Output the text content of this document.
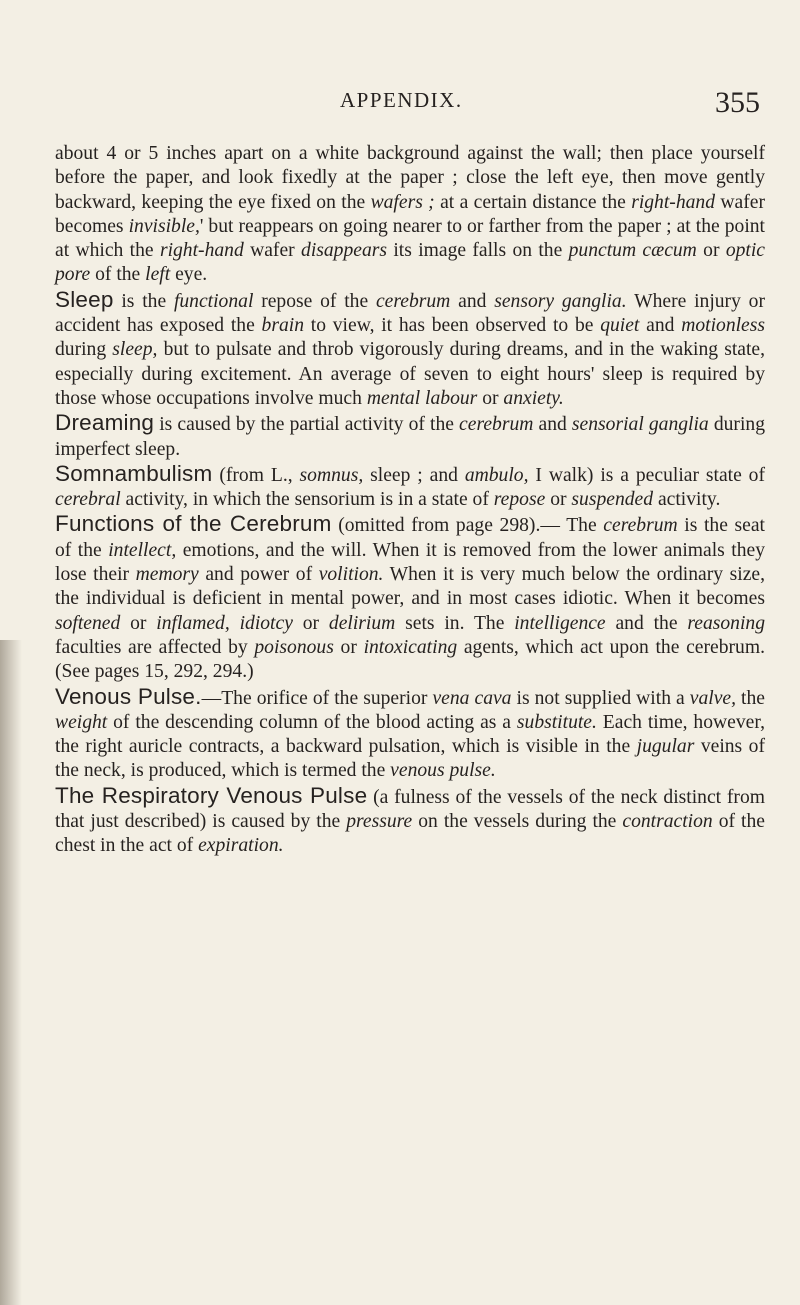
APPENDIX.	355

about 4 or 5 inches apart on a white background against the wall; then place yourself before the paper, and look fixedly at the paper ; close the left eye, then move gently backward, keeping the eye fixed on the wafers ; at a certain distance the right-hand wafer becomes invisible,' but reappears on going nearer to or farther from the paper ; at the point at which the right-hand wafer disappears its image falls on the punctum cæcum or optic pore of the left eye.

Sleep is the functional repose of the cerebrum and sensory ganglia. Where injury or accident has exposed the brain to view, it has been observed to be quiet and motionless during sleep, but to pulsate and throb vigorously during dreams, and in the waking state, especially during excitement. An average of seven to eight hours' sleep is required by those whose occupations involve much mental labour or anxiety.

Dreaming is caused by the partial activity of the cerebrum and sensorial ganglia during imperfect sleep.

Somnambulism (from L., somnus, sleep ; and ambulo, I walk) is a peculiar state of cerebral activity, in which the sensorium is in a state of repose or suspended activity.

Functions of the Cerebrum (omitted from page 298).— The cerebrum is the seat of the intellect, emotions, and the will. When it is removed from the lower animals they lose their memory and power of volition. When it is very much below the ordinary size, the individual is deficient in mental power, and in most cases idiotic. When it becomes softened or inflamed, idiotcy or delirium sets in. The intelligence and the reasoning faculties are affected by poisonous or intoxicating agents, which act upon the cerebrum. (See pages 15, 292, 294.)

Venous Pulse.—The orifice of the superior vena cava is not supplied with a valve, the weight of the descending column of the blood acting as a substitute. Each time, however, the right auricle contracts, a backward pulsation, which is visible in the jugular veins of the neck, is produced, which is termed the venous pulse.

The Respiratory Venous Pulse (a fulness of the vessels of the neck distinct from that just described) is caused by the pressure on the vessels during the contraction of the chest in the act of expiration.
